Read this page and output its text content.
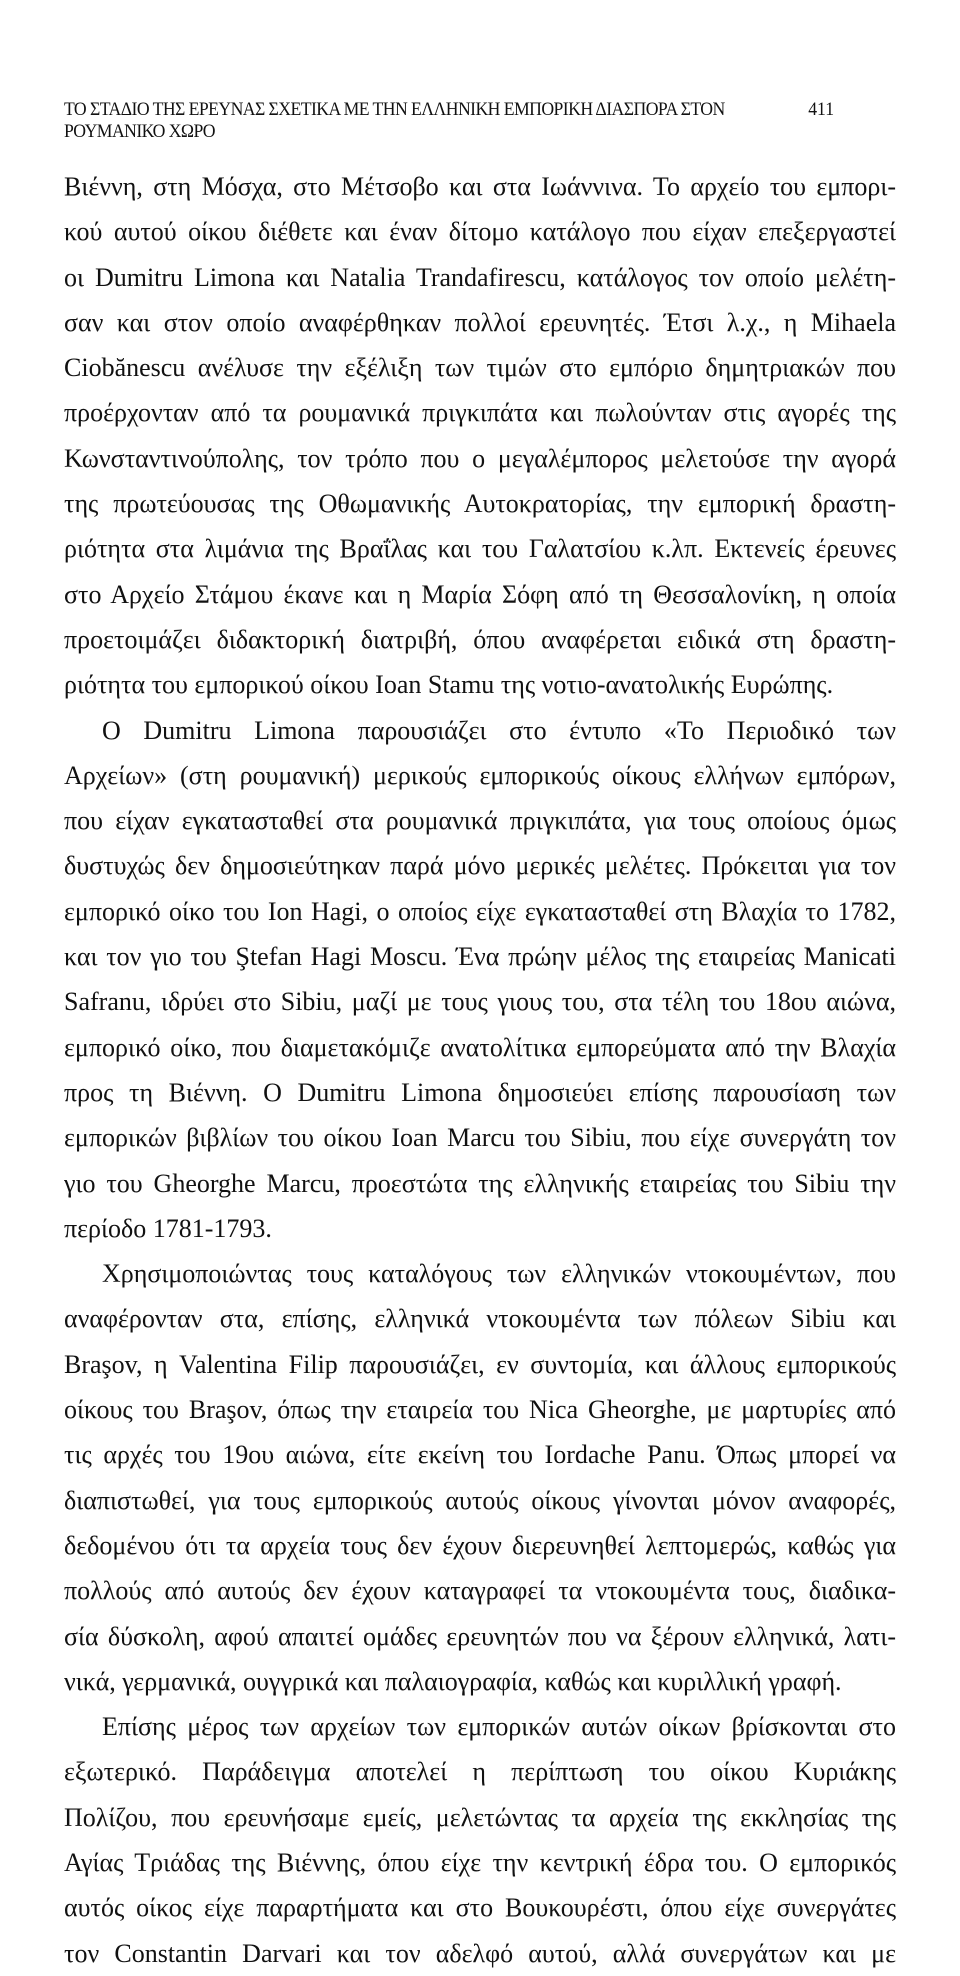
ΤΟ ΣΤΑΔΙΟ ΤΗΣ ΕΡΕΥΝΑΣ ΣΧΕΤΙΚΑ ΜΕ ΤΗΝ ΕΛΛΗΝΙΚΗ ΕΜΠΟΡΙΚΗ ΔΙΑΣΠΟΡΑ ΣΤΟΝ ΡΟΥΜΑΝΙΚΟ ΧΩΡΟ
411
Βιέννη, στη Μόσχα, στο Μέτσοβο και στα Ιωάννινα. Το αρχείο του εμπορι-
κού αυτού οίκου διέθετε και έναν δίτομο κατάλογο που είχαν επεξεργαστεί
οι Dumitru Limona και Natalia Trandafirescu, κατάλογος τον οποίο μελέτη-
σαν και στον οποίο αναφέρθηκαν πολλοί ερευνητές. Έτσι λ.χ., η Mihaela
Ciobănescu ανέλυσε την εξέλιξη των τιμών στο εμπόριο δημητριακών που
προέρχονταν από τα ρουμανικά πριγκιπάτα και πωλούνταν στις αγορές της
Κωνσταντινούπολης, τον τρόπο που ο μεγαλέμπορος μελετούσε την αγορά
της πρωτεύουσας της Οθωμανικής Αυτοκρατορίας, την εμπορική δραστη-
ριότητα στα λιμάνια της Βραΐλας και του Γαλατσίου κ.λπ. Εκτενείς έρευνες
στο Αρχείο Στάμου έκανε και η Μαρία Σόφη από τη Θεσσαλονίκη, η οποία
προετοιμάζει διδακτορική διατριβή, όπου αναφέρεται ειδικά στη δραστη-
ριότητα του εμπορικού οίκου Ioan Stamu της νοτιο-ανατολικής Ευρώπης.
Ο Dumitru Limona παρουσιάζει στο έντυπο «Το Περιοδικό των
Αρχείων» (στη ρουμανική) μερικούς εμπορικούς οίκους ελλήνων εμπόρων,
που είχαν εγκατασταθεί στα ρουμανικά πριγκιπάτα, για τους οποίους όμως
δυστυχώς δεν δημοσιεύτηκαν παρά μόνο μερικές μελέτες. Πρόκειται για τον
εμπορικό οίκο του Ion Hagi, ο οποίος είχε εγκατασταθεί στη Βλαχία το 1782,
και τον γιο του Ştefan Hagi Moscu. Ένα πρώην μέλος της εταιρείας Manicati
Safranu, ιδρύει στο Sibiu, μαζί με τους γιους του, στα τέλη του 18ου αιώνα,
εμπορικό οίκο, που διαμετακόμιζε ανατολίτικα εμπορεύματα από την Βλαχία
προς τη Βιέννη. Ο Dumitru Limona δημοσιεύει επίσης παρουσίαση των
εμπορικών βιβλίων του οίκου Ioan Marcu του Sibiu, που είχε συνεργάτη τον
γιο του Gheorghe Marcu, προεστώτα της ελληνικής εταιρείας του Sibiu την
περίοδο 1781-1793.
Χρησιμοποιώντας τους καταλόγους των ελληνικών ντοκουμέντων, που
αναφέρονταν στα, επίσης, ελληνικά ντοκουμέντα των πόλεων Sibiu και
Braşov, η Valentina Filip παρουσιάζει, εν συντομία, και άλλους εμπορικούς
οίκους του Braşov, όπως την εταιρεία του Nica Gheorghe, με μαρτυρίες από
τις αρχές του 19ου αιώνα, είτε εκείνη του Iordache Panu. Όπως μπορεί να
διαπιστωθεί, για τους εμπορικούς αυτούς οίκους γίνονται μόνον αναφορές,
δεδομένου ότι τα αρχεία τους δεν έχουν διερευνηθεί λεπτομερώς, καθώς για
πολλούς από αυτούς δεν έχουν καταγραφεί τα ντοκουμέντα τους, διαδικα-
σία δύσκολη, αφού απαιτεί ομάδες ερευνητών που να ξέρουν ελληνικά, λατι-
νικά, γερμανικά, ουγγρικά και παλαιογραφία, καθώς και κυριλλική γραφή.
Επίσης μέρος των αρχείων των εμπορικών αυτών οίκων βρίσκονται στο
εξωτερικό. Παράδειγμα αποτελεί η περίπτωση του οίκου Κυριάκης
Πολίζου, που ερευνήσαμε εμείς, μελετώντας τα αρχεία της εκκλησίας της
Αγίας Τριάδας της Βιέννης, όπου είχε την κεντρική έδρα του. Ο εμπορικός
αυτός οίκος είχε παραρτήματα και στο Βουκουρέστι, όπου είχε συνεργάτες
τον Constantin Darvari και τον αδελφό αυτού, αλλά συνεργάτων και με
